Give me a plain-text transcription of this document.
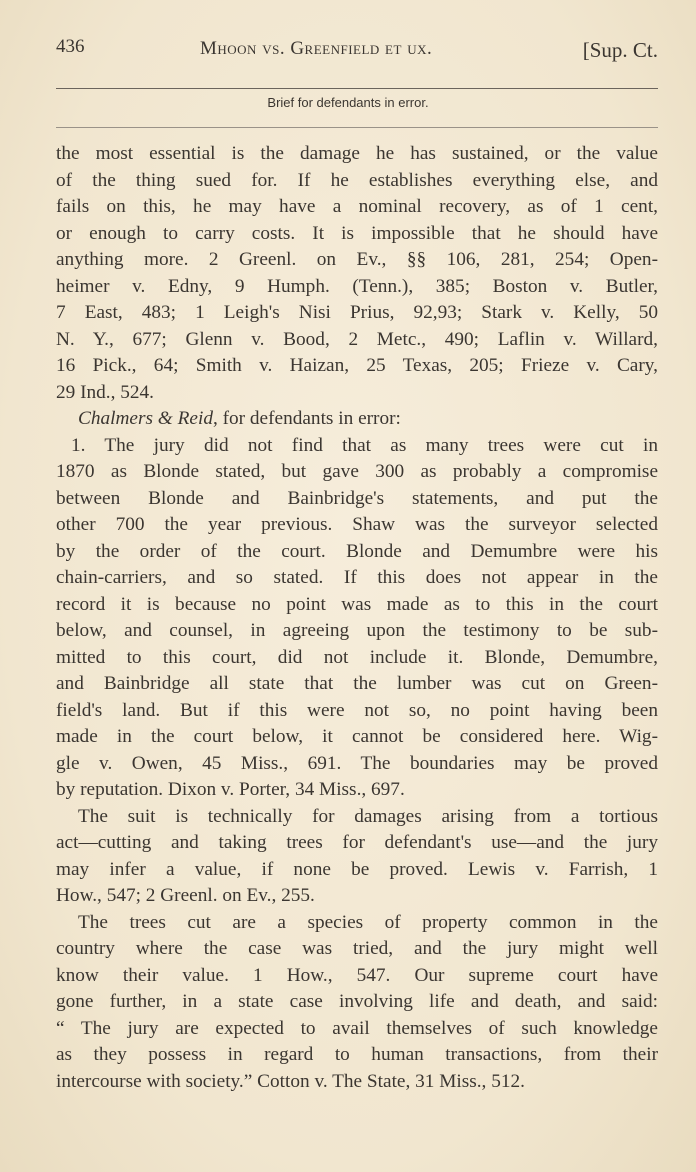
436	Mhoon vs. Greenfield et ux.	[Sup. Ct.
Brief for defendants in error.
the most essential is the damage he has sustained, or the value
of the thing sued for. If he establishes everything else, and
fails on this, he may have a nominal recovery, as of 1 cent,
or enough to carry costs. It is impossible that he should have
anything more. 2 Greenl. on Ev., §§ 106, 281, 254; Open-
heimer v. Edny, 9 Humph. (Tenn.), 385; Boston v. Butler,
7 East, 483; 1 Leigh's Nisi Prius, 92,93; Stark v. Kelly, 50
N. Y., 677; Glenn v. Bood, 2 Metc., 490; Laflin v. Willard,
16 Pick., 64; Smith v. Haizan, 25 Texas, 205; Frieze v. Cary,
29 Ind., 524.
Chalmers & Reid, for defendants in error:
1. The jury did not find that as many trees were cut in
1870 as Blonde stated, but gave 300 as probably a compromise
between Blonde and Bainbridge's statements, and put the
other 700 the year previous. Shaw was the surveyor selected
by the order of the court. Blonde and Demumbre were his
chain-carriers, and so stated. If this does not appear in the
record it is because no point was made as to this in the court
below, and counsel, in agreeing upon the testimony to be sub-
mitted to this court, did not include it. Blonde, Demumbre,
and Bainbridge all state that the lumber was cut on Green-
field's land. But if this were not so, no point having been
made in the court below, it cannot be considered here. Wig-
gle v. Owen, 45 Miss., 691. The boundaries may be proved
by reputation. Dixon v. Porter, 34 Miss., 697.
The suit is technically for damages arising from a tortious
act—cutting and taking trees for defendant's use—and the jury
may infer a value, if none be proved. Lewis v. Farrish, 1
How., 547; 2 Greenl. on Ev., 255.
The trees cut are a species of property common in the
country where the case was tried, and the jury might well
know their value. 1 How., 547. Our supreme court have
gone further, in a state case involving life and death, and said:
“ The jury are expected to avail themselves of such knowledge
as they possess in regard to human transactions, from their
intercourse with society.” Cotton v. The State, 31 Miss., 512.
